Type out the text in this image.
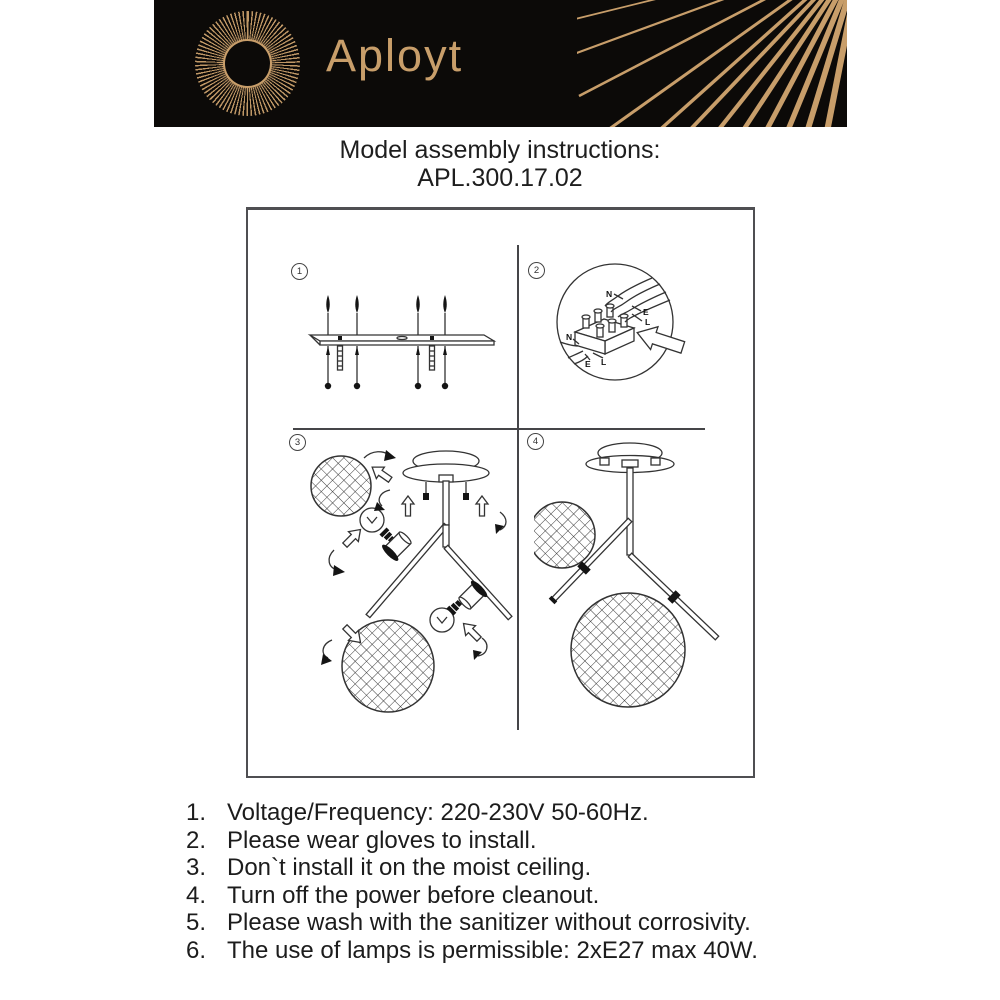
Aployt
Model assembly instructions:
APL.300.17.02
1	2
3	4
N
E
L
N
E L
1. Voltage/Frequency: 220-230V 50-60Hz.
2. Please wear gloves to install.
3. Don`t install it on the moist ceiling.
4. Turn off the power before cleanout.
5. Please wash with the sanitizer without corrosivity.
6. The use of lamps is permissible: 2xE27 max 40W.
